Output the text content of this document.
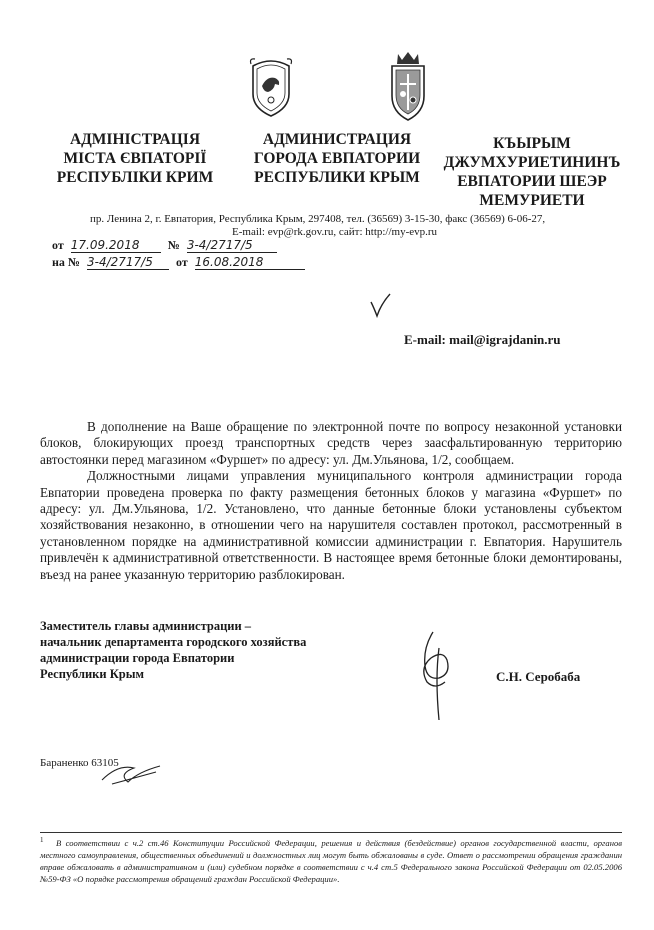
АДМІНІСТРАЦІЯ
МІСТА ЄВПАТОРІЇ
РЕСПУБЛІКИ КРИМ
АДМИНИСТРАЦИЯ
ГОРОДА ЕВПАТОРИИ
РЕСПУБЛИКИ КРЫМ
КЪЫРЫМ
ДЖУМХУРИЕТИНИНЪ
ЕВПАТОРИИ ШЕЭР
МЕМУРИЕТИ
пр. Ленина 2, г. Евпатория, Республика Крым, 297408, тел. (36569) 3-15-30, факс (36569) 6-06-27,
E-mail: evp@rk.gov.ru, сайт: http://my-evp.ru
от 17.09.2018 № 3-4/2717/5
на № 3-4/2717/5 от 16.08.2018
E-mail: mail@igrajdanin.ru

В дополнение на Ваше обращение по электронной почте по вопросу незаконной установки блоков, блокирующих проезд транспортных средств через заасфальтированную территорию автостоянки перед магазином «Фуршет» по адресу: ул. Дм.Ульянова, 1/2, сообщаем.

Должностными лицами управления муниципального контроля администрации города Евпатории проведена проверка по факту размещения бетонных блоков у магазина «Фуршет» по адресу: ул. Дм.Ульянова, 1/2. Установлено, что данные бетонные блоки установлены субъектом хозяйствования незаконно, в отношении чего на нарушителя составлен протокол, рассмотренный в установленном порядке на административной комиссии администрации г. Евпатория. Нарушитель привлечён к административной ответственности. В настоящее время бетонные блоки демонтированы, въезд на ранее указанную территорию разблокирован.

Заместитель главы администрации –
начальник департамента городского хозяйства
администрации города Евпатории
Республики Крым	С.Н. Серобаба
Бараненко 63105
$^1$ В соответствии с ч.2 ст.46 Конституции Российской Федерации, решения и действия (бездействие) органов государственной власти, органов местного самоуправления, общественных объединений и должностных лиц могут быть обжалованы в суде. Ответ о рассмотрении обращения гражданин вправе обжаловать в административном и (или) судебном порядке в соответствии с ч.4 ст.5 Федерального закона Российской Федерации от 02.05.2006 №59-ФЗ «О порядке рассмотрения обращений граждан Российской Федерации».
